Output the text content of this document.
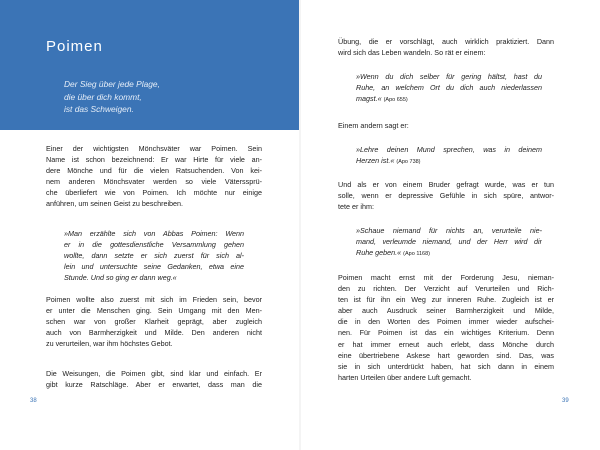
Poimen
Der Sieg über jede Plage,
die über dich kommt,
ist das Schweigen.
Einer der wichtigsten Mönchsväter war Poimen. Sein
Name ist schon bezeichnend: Er war Hirte für viele an-
dere Mönche und für die vielen Ratsuchenden. Von kei-
nem anderen Mönchsvater werden so viele Väterssprü-
che überliefert wie von Poimen. Ich möchte nur einige
anführen, um seinen Geist zu beschreiben.
»Man erzählte sich von Abbas Poimen: Wenn
er in die gottesdienstliche Versammlung gehen
wollte, dann setzte er sich zuerst für sich al-
lein und untersuchte seine Gedanken, etwa eine
Stunde. Und so ging er dann weg.«
Poimen wollte also zuerst mit sich im Frieden sein, bevor
er unter die Menschen ging. Sein Umgang mit den Men-
schen war von großer Klarheit geprägt, aber zugleich
auch von Barmherzigkeit und Milde. Den anderen nicht
zu verurteilen, war ihm höchstes Gebot.
Die Weisungen, die Poimen gibt, sind klar und einfach. Er
gibt kurze Ratschläge. Aber er erwartet, dass man die
38
Übung, die er vorschlägt, auch wirklich praktiziert. Dann
wird sich das Leben wandeln. So rät er einem:
»Wenn du dich selber für gering hältst, hast du
Ruhe, an welchem Ort du dich auch niederlassen
magst.« (Apo 655)
Einem andern sagt er:
»Lehre deinen Mund sprechen, was in deinem
Herzen ist.« (Apo 738)
Und als er von einem Bruder gefragt wurde, was er tun
solle, wenn er depressive Gefühle in sich spüre, antwor-
tete er ihm:
»Schaue niemand für nichts an, verurteile nie-
mand, verleumde niemand, und der Herr wird dir
Ruhe geben.« (Apo 1168)
Poimen macht ernst mit der Forderung Jesu, nieman-
den zu richten. Der Verzicht auf Verurteilen und Rich-
ten ist für ihn ein Weg zur inneren Ruhe. Zugleich ist er
aber auch Ausdruck seiner Barmherzigkeit und Milde,
die in den Worten des Poimen immer wieder aufschei-
nen. Für Poimen ist das ein wichtiges Kriterium. Denn
er hat immer erneut auch erlebt, dass Mönche durch
eine übertriebene Askese hart geworden sind. Das, was
sie in sich unterdrückt haben, hat sich dann in einem
harten Urteilen über andere Luft gemacht.
39
